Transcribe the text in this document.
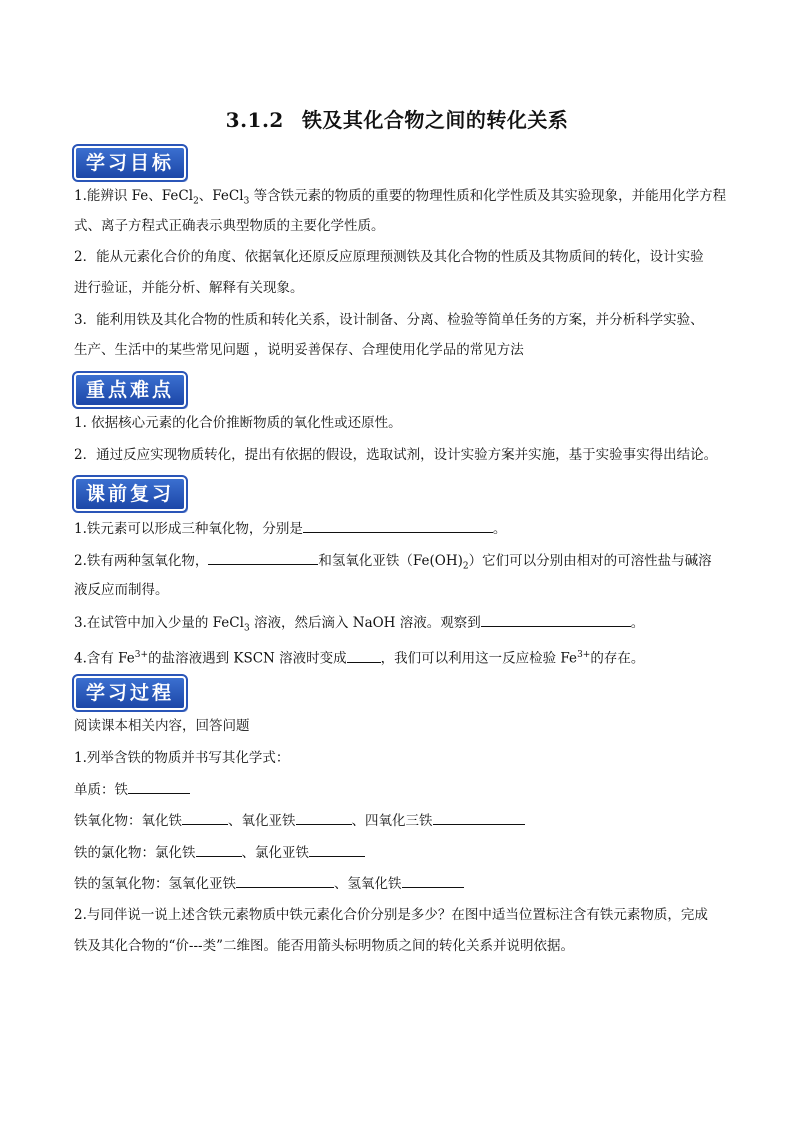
3.1.2 铁及其化合物之间的转化关系
学习目标
1.能辨识 Fe、FeCl$_2$、FeCl$_3$ 等含铁元素的物质的重要的物理性质和化学性质及其实验现象，并能用化学方程
式、离子方程式正确表示典型物质的主要化学性质。
2．能从元素化合价的角度、依据氧化还原反应原理预测铁及其化合物的性质及其物质间的转化，设计实验
进行验证，并能分析、解释有关现象。
3．能利用铁及其化合物的性质和转化关系，设计制备、分离、检验等简单任务的方案，并分析科学实验、
生产、生活中的某些常见问题 ，说明妥善保存、合理使用化学品的常见方法
重点难点
1. 依据核心元素的化合价推断物质的氧化性或还原性。
2．通过反应实现物质转化，提出有依据的假设，选取试剂，设计实验方案并实施，基于实验事实得出结论。
课前复习
1.铁元素可以形成三种氧化物，分别是	。
2.铁有两种氢氧化物，	和氢氧化亚铁$(Fe(OH)_2)$它们可以分别由相对的可溶性盐与碱溶
液反应而制得。
3.在试管中加入少量的 FeCl$_3$ 溶液，然后滴入 NaOH 溶液。观察到	。
4.含有 $Fe^{3+}$的盐溶液遇到 KSCN 溶液时变成	，我们可以利用这一反应检验 $Fe^{3+}$的存在。
学习过程
阅读课本相关内容，回答问题
1.列举含铁的物质并书写其化学式：
单质：铁
铁氧化物：氧化铁	、氧化亚铁	、四氧化三铁
铁的氯化物：氯化铁	、氯化亚铁
铁的氢氧化物：氢氧化亚铁	、氢氧化铁
2.与同伴说一说上述含铁元素物质中铁元素化合价分别是多少？在图中适当位置标注含有铁元素物质，完成
铁及其化合物的“价---类”二维图。能否用箭头标明物质之间的转化关系并说明依据。
